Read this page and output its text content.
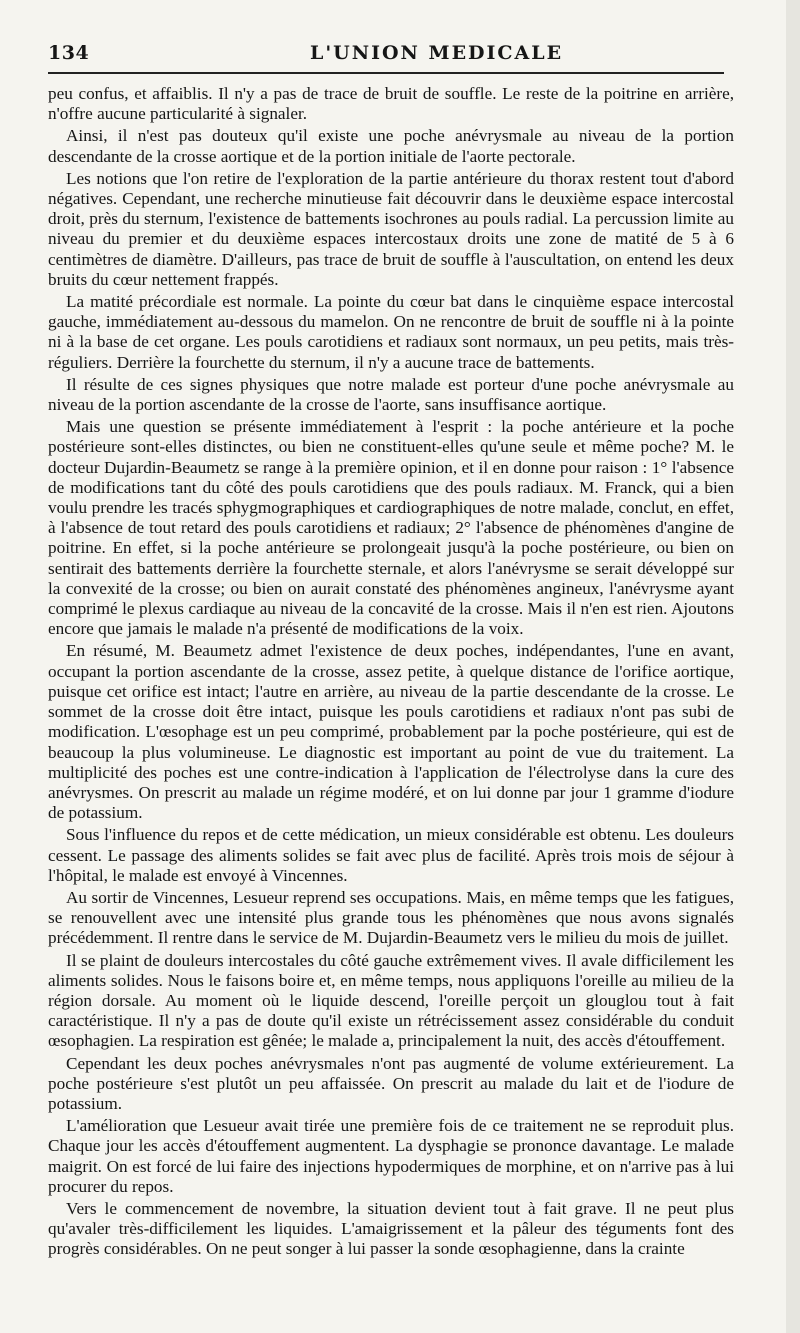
134	L'UNION MEDICALE

peu confus, et affaiblis. Il n'y a pas de trace de bruit de souffle. Le reste de la poitrine en arrière, n'offre aucune particularité à signaler.

Ainsi, il n'est pas douteux qu'il existe une poche anévrysmale au niveau de la portion descendante de la crosse aortique et de la portion initiale de l'aorte pectorale.

Les notions que l'on retire de l'exploration de la partie antérieure du thorax restent tout d'abord négatives. Cependant, une recherche minutieuse fait découvrir dans le deuxième espace intercostal droit, près du sternum, l'existence de battements isochrones au pouls radial. La percussion limite au niveau du premier et du deuxième espaces intercostaux droits une zone de matité de 5 à 6 centimètres de diamètre. D'ailleurs, pas trace de bruit de souffle à l'auscultation, on entend les deux bruits du cœur nettement frappés.

La matité précordiale est normale. La pointe du cœur bat dans le cinquième espace intercostal gauche, immédiatement au-dessous du mamelon. On ne rencontre de bruit de souffle ni à la pointe ni à la base de cet organe. Les pouls carotidiens et radiaux sont normaux, un peu petits, mais très-réguliers. Derrière la fourchette du sternum, il n'y a aucune trace de battements.

Il résulte de ces signes physiques que notre malade est porteur d'une poche anévrysmale au niveau de la portion ascendante de la crosse de l'aorte, sans insuffisance aortique.

Mais une question se présente immédiatement à l'esprit : la poche antérieure et la poche postérieure sont-elles distinctes, ou bien ne constituent-elles qu'une seule et même poche? M. le docteur Dujardin-Beaumetz se range à la première opinion, et il en donne pour raison : 1° l'absence de modifications tant du côté des pouls carotidiens que des pouls radiaux. M. Franck, qui a bien voulu prendre les tracés sphygmographiques et cardiographiques de notre malade, conclut, en effet, à l'absence de tout retard des pouls carotidiens et radiaux; 2° l'absence de phénomènes d'angine de poitrine. En effet, si la poche antérieure se prolongeait jusqu'à la poche postérieure, ou bien on sentirait des battements derrière la fourchette sternale, et alors l'anévrysme se serait développé sur la convexité de la crosse; ou bien on aurait constaté des phénomènes angineux, l'anévrysme ayant comprimé le plexus cardiaque au niveau de la concavité de la crosse. Mais il n'en est rien. Ajoutons encore que jamais le malade n'a présenté de modifications de la voix.

En résumé, M. Beaumetz admet l'existence de deux poches, indépendantes, l'une en avant, occupant la portion ascendante de la crosse, assez petite, à quelque distance de l'orifice aortique, puisque cet orifice est intact; l'autre en arrière, au niveau de la partie descendante de la crosse. Le sommet de la crosse doit être intact, puisque les pouls carotidiens et radiaux n'ont pas subi de modification. L'œsophage est un peu comprimé, probablement par la poche postérieure, qui est de beaucoup la plus volumineuse. Le diagnostic est important au point de vue du traitement. La multiplicité des poches est une contre-indication à l'application de l'électrolyse dans la cure des anévrysmes. On prescrit au malade un régime modéré, et on lui donne par jour 1 gramme d'iodure de potassium.

Sous l'influence du repos et de cette médication, un mieux considérable est obtenu. Les douleurs cessent. Le passage des aliments solides se fait avec plus de facilité. Après trois mois de séjour à l'hôpital, le malade est envoyé à Vincennes.

Au sortir de Vincennes, Lesueur reprend ses occupations. Mais, en même temps que les fatigues, se renouvellent avec une intensité plus grande tous les phénomènes que nous avons signalés précédemment. Il rentre dans le service de M. Dujardin-Beaumetz vers le milieu du mois de juillet.

Il se plaint de douleurs intercostales du côté gauche extrêmement vives. Il avale difficilement les aliments solides. Nous le faisons boire et, en même temps, nous appliquons l'oreille au milieu de la région dorsale. Au moment où le liquide descend, l'oreille perçoit un glouglou tout à fait caractéristique. Il n'y a pas de doute qu'il existe un rétrécissement assez considérable du conduit œsophagien. La respiration est gênée; le malade a, principalement la nuit, des accès d'étouffement.

Cependant les deux poches anévrysmales n'ont pas augmenté de volume extérieurement. La poche postérieure s'est plutôt un peu affaissée. On prescrit au malade du lait et de l'iodure de potassium.

L'amélioration que Lesueur avait tirée une première fois de ce traitement ne se reproduit plus. Chaque jour les accès d'étouffement augmentent. La dysphagie se prononce davantage. Le malade maigrit. On est forcé de lui faire des injections hypodermiques de morphine, et on n'arrive pas à lui procurer du repos.

Vers le commencement de novembre, la situation devient tout à fait grave. Il ne peut plus qu'avaler très-difficilement les liquides. L'amaigrissement et la pâleur des téguments font des progrès considérables. On ne peut songer à lui passer la sonde œsophagienne, dans la crainte
